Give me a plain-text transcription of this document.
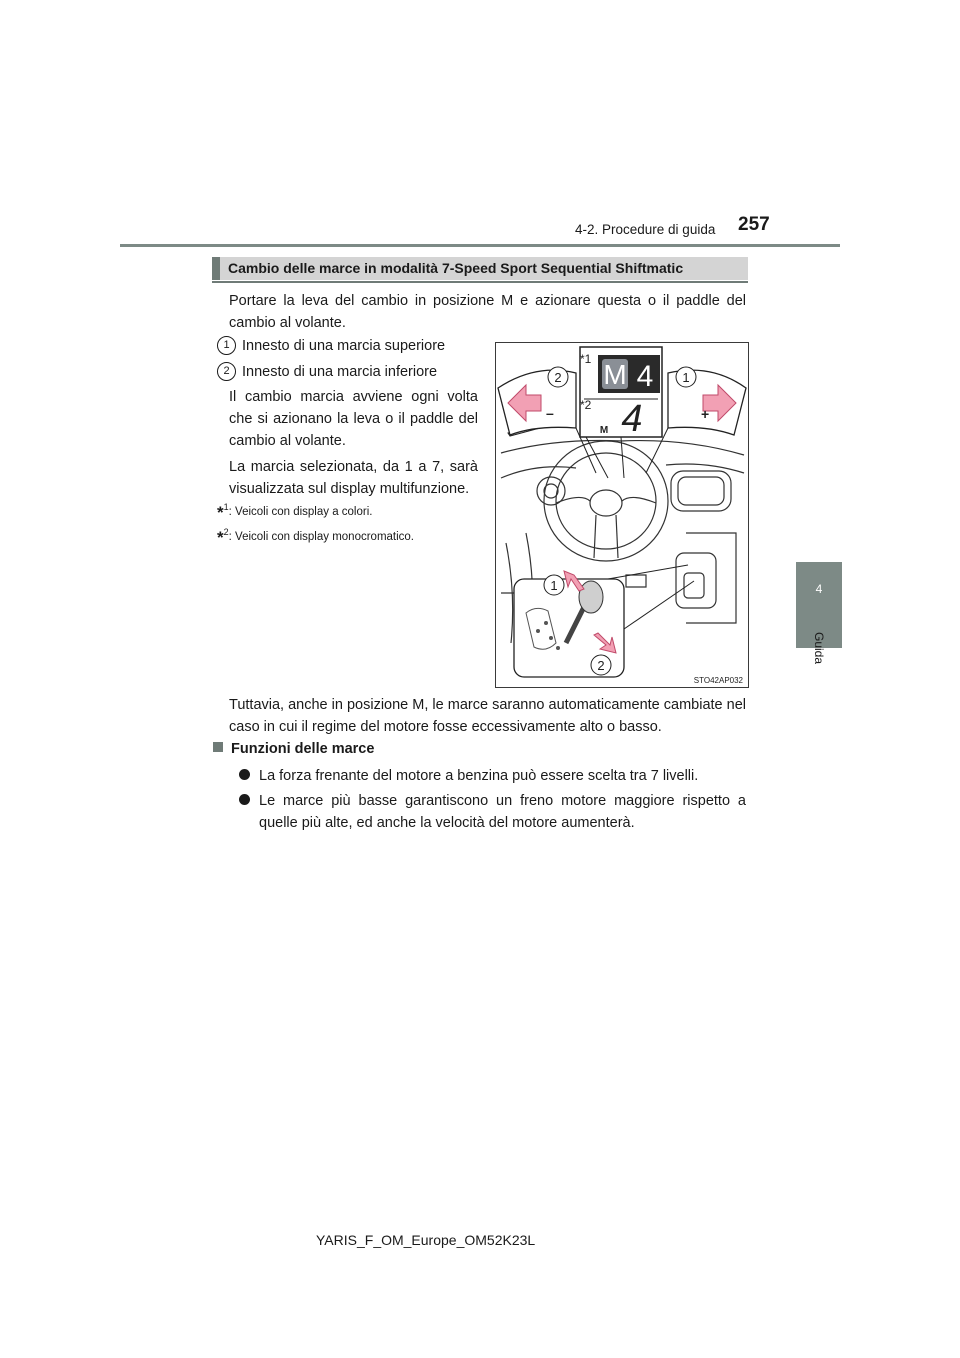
4-2. Procedure di guida 257
4
Guida
Cambio delle marce in modalità 7-Speed Sport Sequential Shiftmatic

Portare la leva del cambio in posizione M e azionare questa o il paddle del cambio al volante.

1 Innesto di una marcia superiore
2 Innesto di una marcia inferiore

Il cambio marcia avviene ogni volta che si azionano la leva o il paddle del cambio al volante.

La marcia selezionata, da 1 a 7, sarà visualizzata sul display multifunzione.

*$^1$: Veicoli con display a colori.
*$^2$: Veicoli con display monocromatico.
M 4
4
M
*1
*2
–
2
+
1
1
2
STO42AP032

Tuttavia, anche in posizione M, le marce saranno automaticamente cambiate nel caso in cui il regime del motore fosse eccessivamente alto o basso.

Funzioni delle marce
La forza frenante del motore a benzina può essere scelta tra 7 livelli.
Le marce più basse garantiscono un freno motore maggiore rispetto a quelle più alte, ed anche la velocità del motore aumenterà.
YARIS_F_OM_Europe_OM52K23L
